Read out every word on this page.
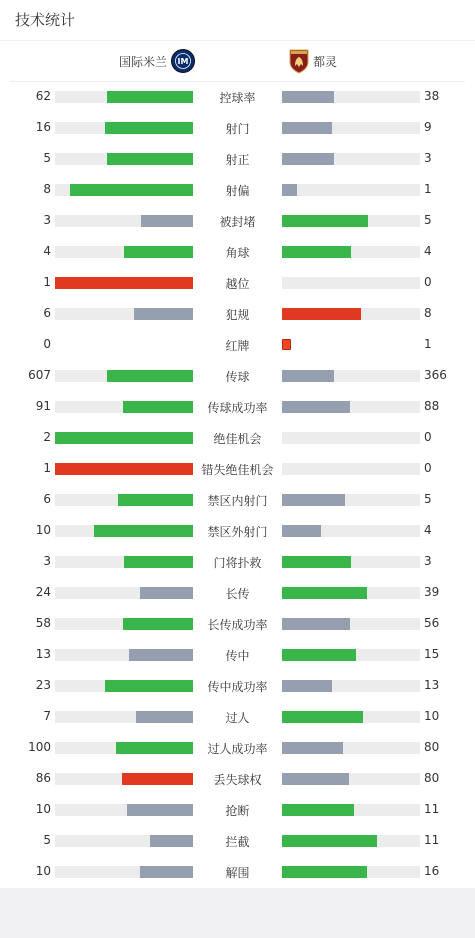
技术统计
国际米兰 IM	都灵
62	控球率	38
16	射门	9
5	射正	3
8	射偏	1
3	被封堵	5
4	角球	4
1	越位	0
6	犯规	8
0	红牌	1
607	传球	366
91	传球成功率	88
2	绝佳机会	0
1	错失绝佳机会	0
6	禁区内射门	5
10	禁区外射门	4
3	门将扑救	3
24	长传	39
58	长传成功率	56
13	传中	15
23	传中成功率	13
7	过人	10
100	过人成功率	80
86	丢失球权	80
10	抢断	11
5	拦截	11
10	解围	16
